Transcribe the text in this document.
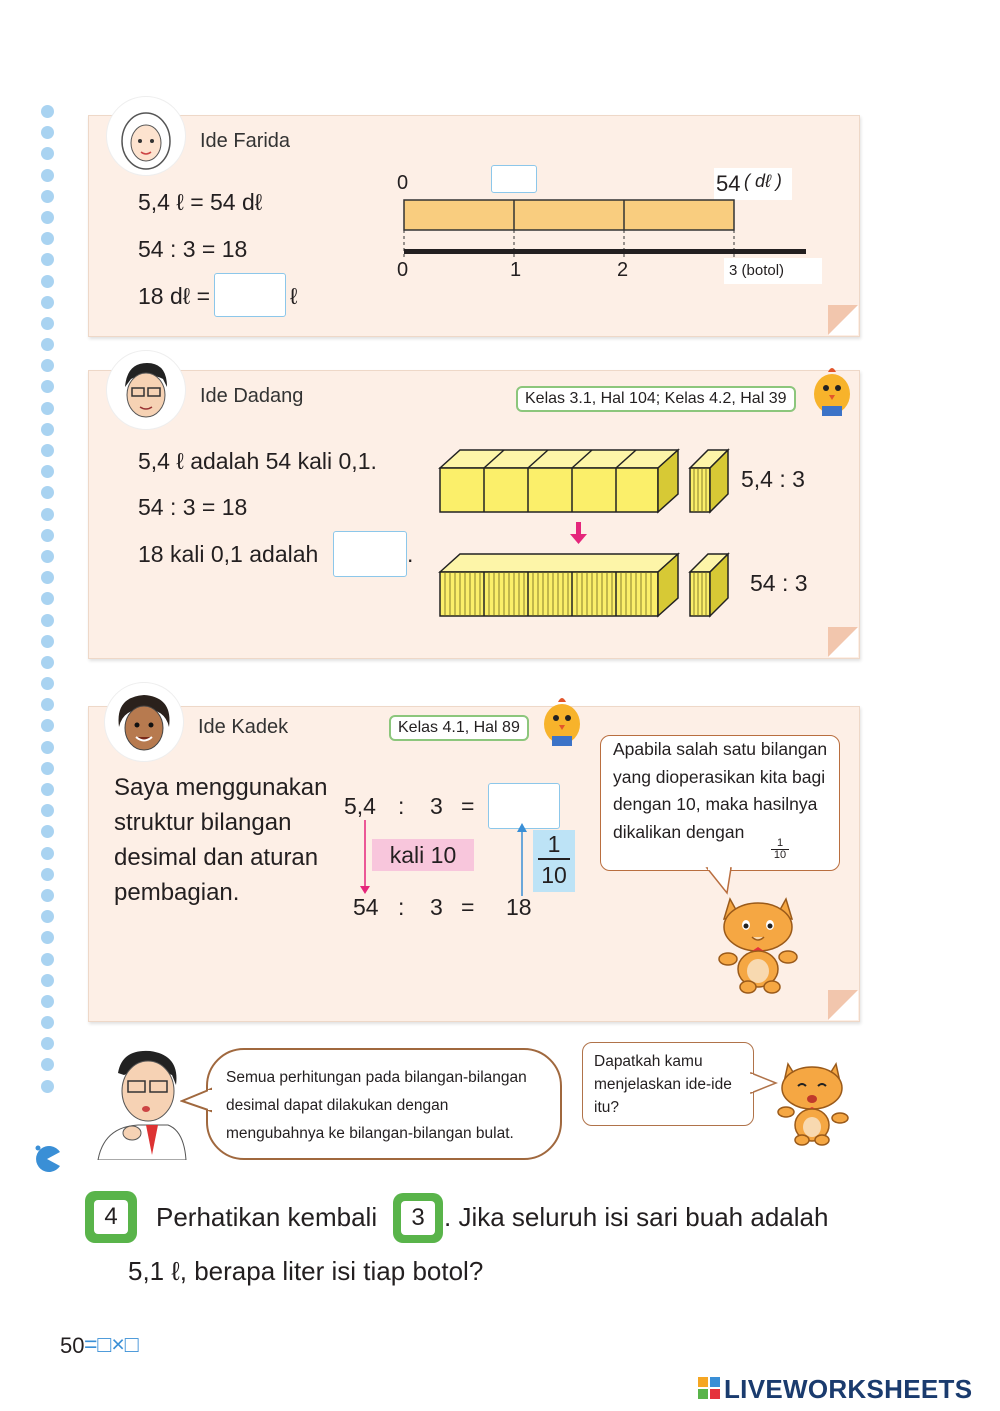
Ide Farida
5,4 ℓ = 54 dℓ
54 : 3 = 18
18 dℓ =	ℓ
0	54 ( dℓ )
0	1	2	3 (botol)
Ide Dadang	Kelas 3.1, Hal 104; Kelas 4.2, Hal 39
5,4 ℓ adalah 54 kali 0,1.
54 : 3 = 18
18 kali 0,1 adalah	.
5,4 : 3
54 : 3
Ide Kadek	Kelas 4.1, Hal 89
Saya menggunakan struktur bilangan desimal dan aturan pembagian.
5,4 : 3 =
kali 10	1
10
54 : 3 = 18
Apabila salah satu bilangan yang dioperasikan kita bagi dengan 10, maka hasilnya dikalikan dengan
1
10
Semua perhitungan pada bilangan-bilangan desimal dapat dilakukan dengan mengubahnya ke bilangan-bilangan bulat.
Dapatkah kamu menjelaskan ide-ide itu?
4	Perhatikan kembali	3 . Jika seluruh isi sari buah adalah
5,1 ℓ, berapa liter isi tiap botol?
50 =□×□
LIVEWORKSHEETS
